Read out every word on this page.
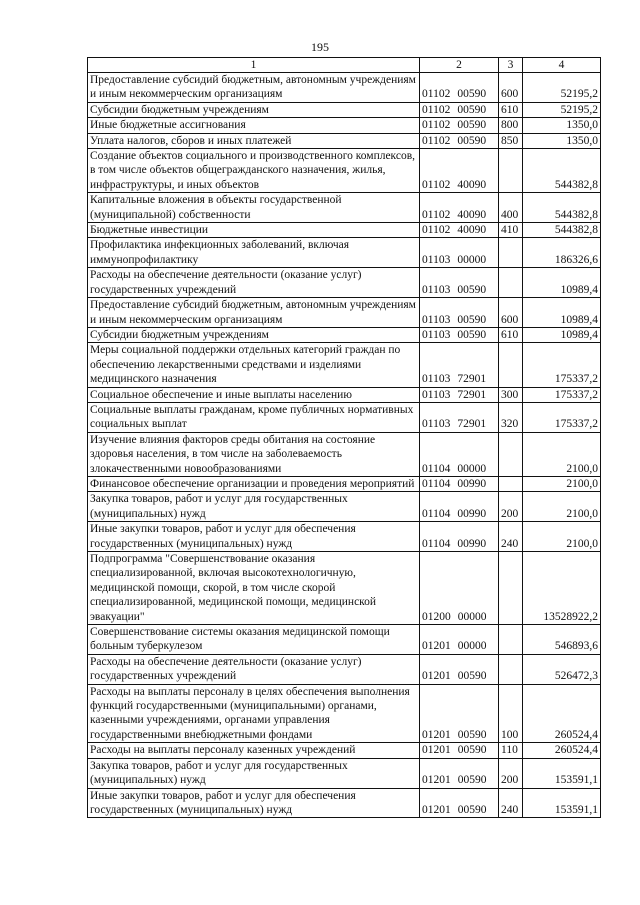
195
1	2	3	4
Предоставление субсидий бюджетным, автономным учреждениям и иным некоммерческим организациям	01102 00590	600	52195,2
Субсидии бюджетным учреждениям	01102 00590	610	52195,2
Иные бюджетные ассигнования	01102 00590	800	1350,0
Уплата налогов, сборов и иных платежей	01102 00590	850	1350,0
Создание объектов социального и производственного комплексов, в том числе объектов общегражданского назначения, жилья, инфраструктуры, и иных объектов	01102 40090		544382,8
Капитальные вложения в объекты государственной (муниципальной) собственности	01102 40090	400	544382,8
Бюджетные инвестиции	01102 40090	410	544382,8
Профилактика инфекционных заболеваний, включая иммунопрофилактику	01103 00000		186326,6
Расходы на обеспечение деятельности (оказание услуг) государственных учреждений	01103 00590		10989,4
Предоставление субсидий бюджетным, автономным учреждениям и иным некоммерческим организациям	01103 00590	600	10989,4
Субсидии бюджетным учреждениям	01103 00590	610	10989,4
Меры социальной поддержки отдельных категорий граждан по обеспечению лекарственными средствами и изделиями медицинского назначения	01103 72901		175337,2
Социальное обеспечение и иные выплаты населению	01103 72901	300	175337,2
Социальные выплаты гражданам, кроме публичных нормативных социальных выплат	01103 72901	320	175337,2
Изучение влияния факторов среды обитания на состояние здоровья населения, в том числе на заболеваемость злокачественными новообразованиями	01104 00000		2100,0
Финансовое обеспечение организации и проведения мероприятий	01104 00990		2100,0
Закупка товаров, работ и услуг для государственных (муниципальных) нужд	01104 00990	200	2100,0
Иные закупки товаров, работ и услуг для обеспечения государственных (муниципальных) нужд	01104 00990	240	2100,0
Подпрограмма "Совершенствование оказания специализированной, включая высокотехнологичную, медицинской помощи, скорой, в том числе скорой специализированной, медицинской помощи, медицинской эвакуации"	01200 00000		13528922,2
Совершенствование системы оказания медицинской помощи больным туберкулезом	01201 00000		546893,6
Расходы на обеспечение деятельности (оказание услуг) государственных учреждений	01201 00590		526472,3
Расходы на выплаты персоналу в целях обеспечения выполнения функций государственными (муниципальными) органами, казенными учреждениями, органами управления государственными внебюджетными фондами	01201 00590	100	260524,4
Расходы на выплаты персоналу казенных учреждений	01201 00590	110	260524,4
Закупка товаров, работ и услуг для государственных (муниципальных) нужд	01201 00590	200	153591,1
Иные закупки товаров, работ и услуг для обеспечения государственных (муниципальных) нужд	01201 00590	240	153591,1
